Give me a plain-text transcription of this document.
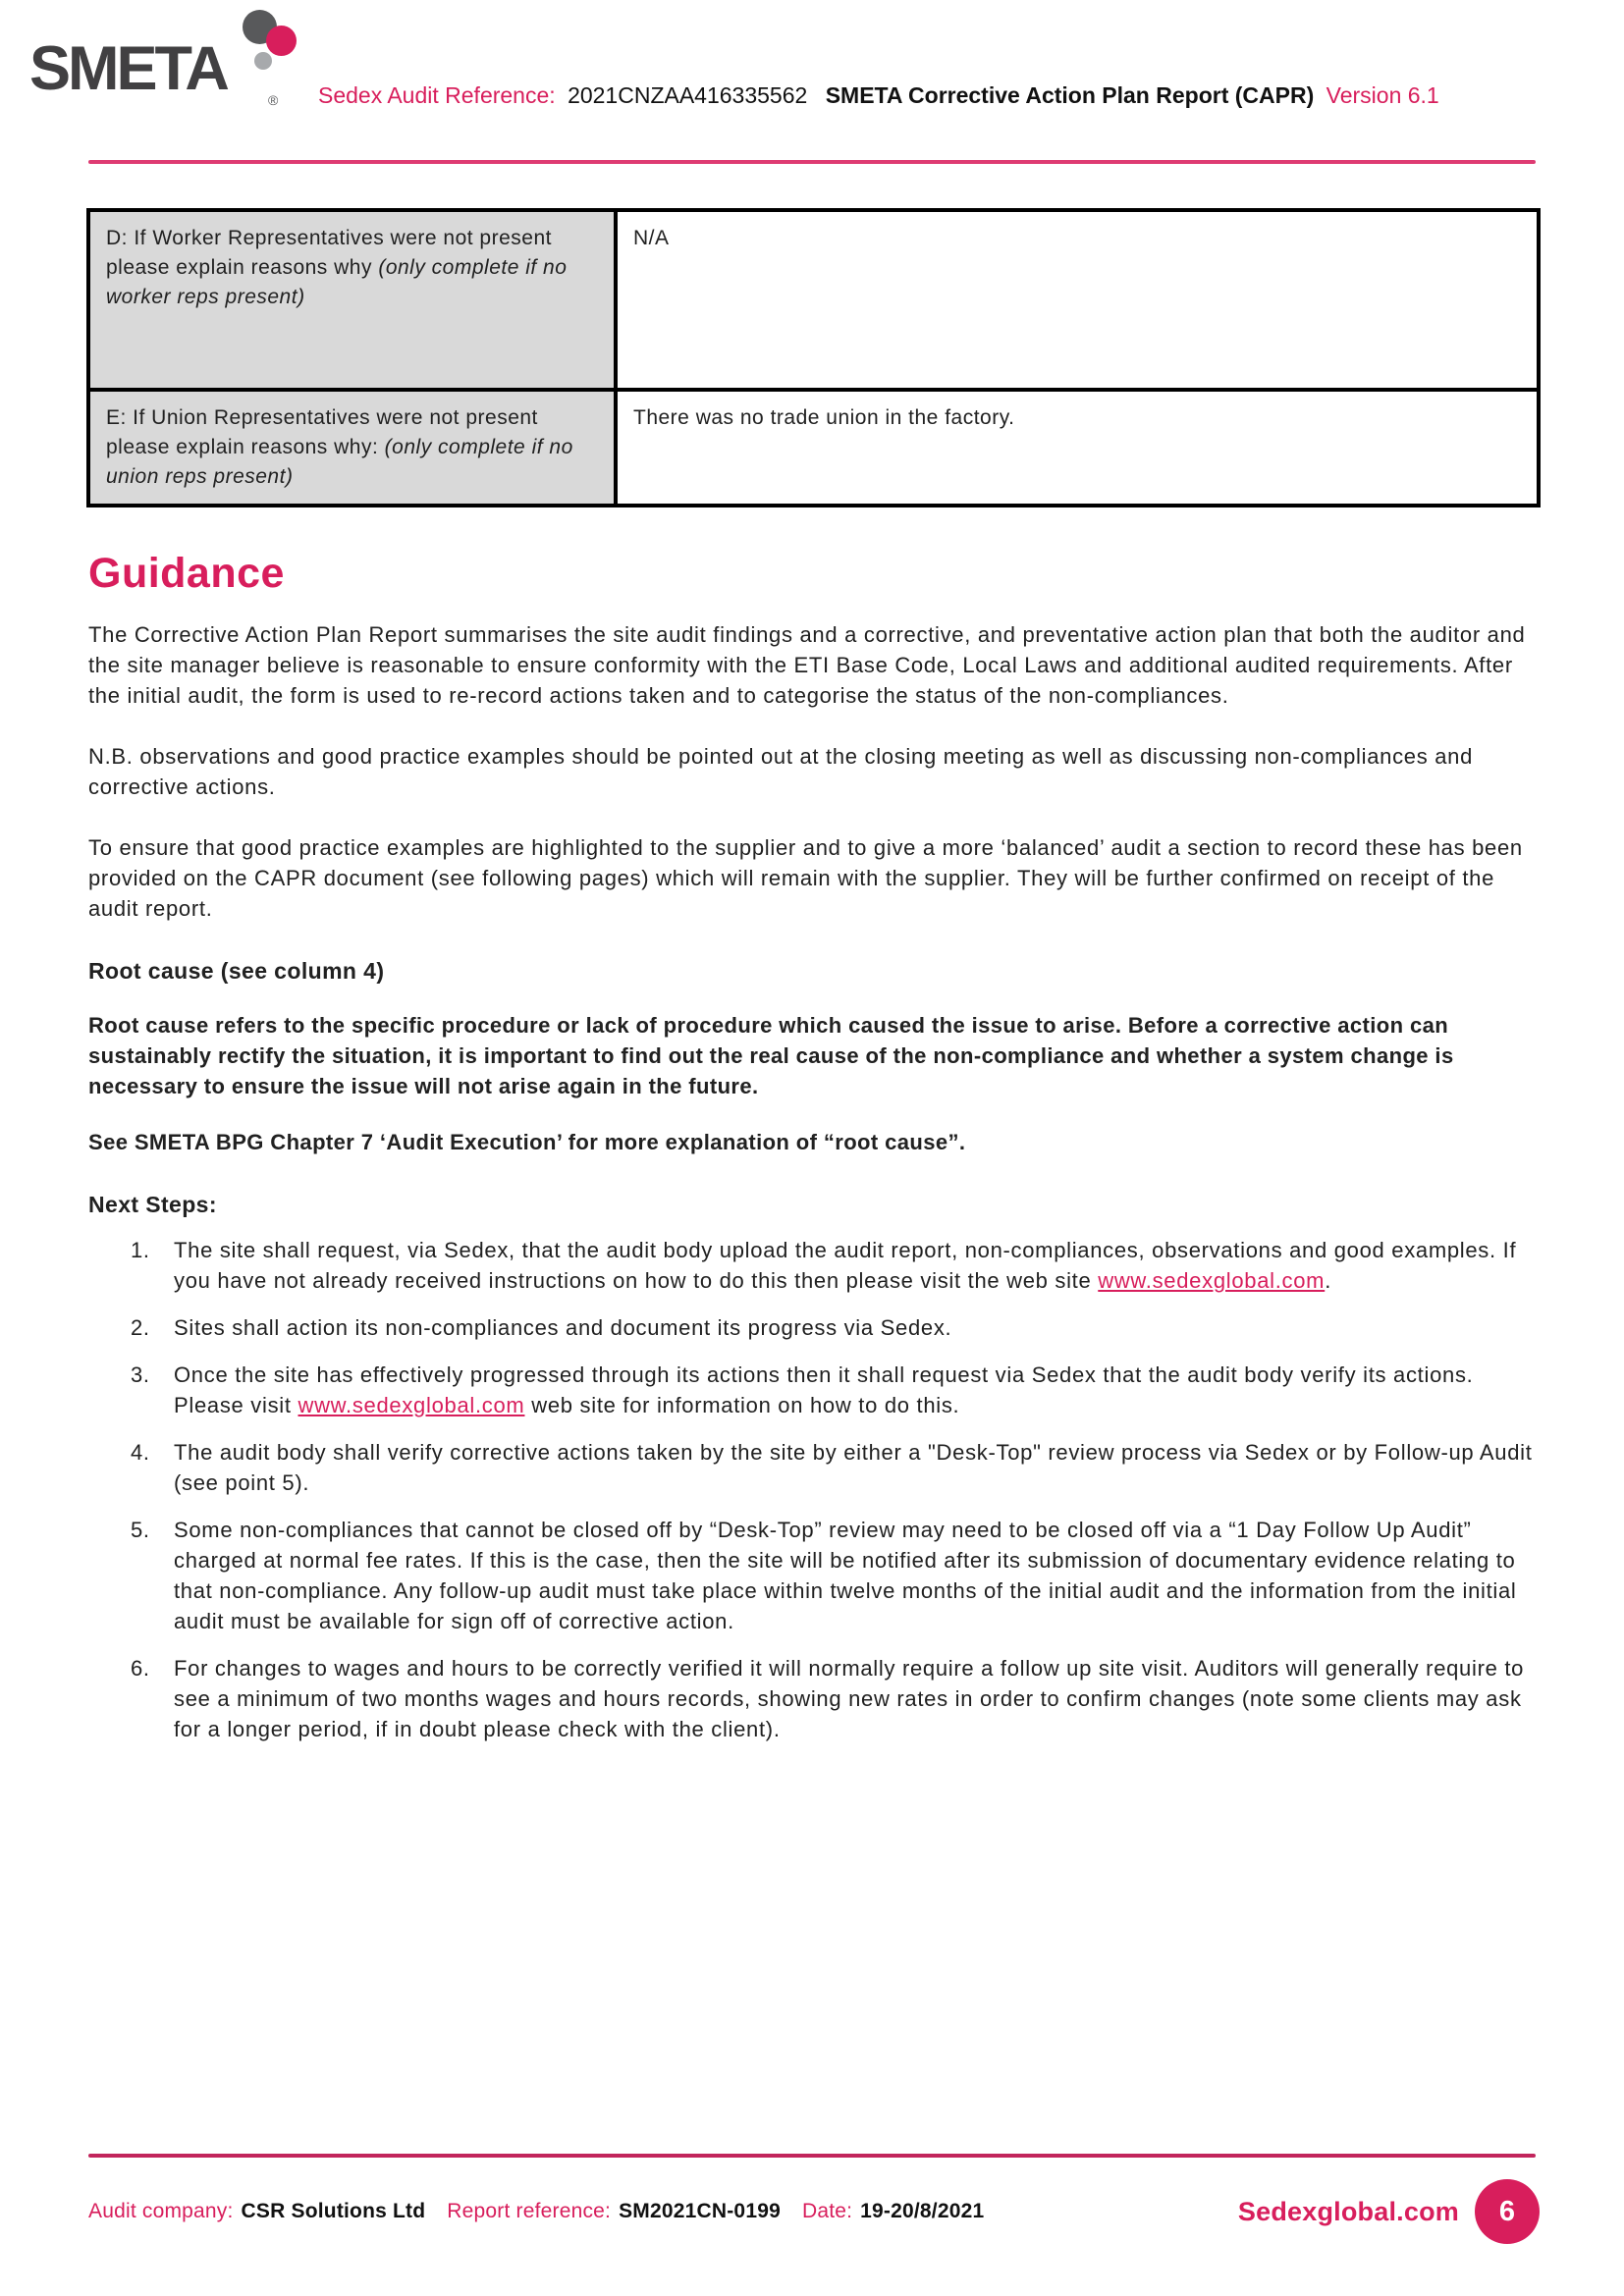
SMETA	® Sedex Audit Reference: 2021CNZAA416335562 SMETA Corrective Action Plan Report (CAPR) Version 6.1
D: If Worker Representatives were not present please explain reasons why (only complete if no worker reps present)	N/A
E: If Union Representatives were not present please explain reasons why: (only complete if no union reps present)	There was no trade union in the factory.
Guidance

The Corrective Action Plan Report summarises the site audit findings and a corrective, and preventative action plan that both the auditor and the site manager believe is reasonable to ensure conformity with the ETI Base Code, Local Laws and additional audited requirements. After the initial audit, the form is used to re-record actions taken and to categorise the status of the non-compliances.

N.B. observations and good practice examples should be pointed out at the closing meeting as well as discussing non-compliances and corrective actions.

To ensure that good practice examples are highlighted to the supplier and to give a more ‘balanced’ audit a section to record these has been provided on the CAPR document (see following pages) which will remain with the supplier. They will be further confirmed on receipt of the audit report.

Root cause (see column 4)

Root cause refers to the specific procedure or lack of procedure which caused the issue to arise. Before a corrective action can sustainably rectify the situation, it is important to find out the real cause of the non-compliance and whether a system change is necessary to ensure the issue will not arise again in the future.

See SMETA BPG Chapter 7 ‘Audit Execution’ for more explanation of “root cause”.

Next Steps:
1.	The site shall request, via Sedex, that the audit body upload the audit report, non-compliances, observations and good examples. If you have not already received instructions on how to do this then please visit the web site www.sedexglobal.com.
2.	Sites shall action its non-compliances and document its progress via Sedex.
3.	Once the site has effectively progressed through its actions then it shall request via Sedex that the audit body verify its actions. Please visit www.sedexglobal.com web site for information on how to do this.
4.	The audit body shall verify corrective actions taken by the site by either a "Desk-Top" review process via Sedex or by Follow-up Audit (see point 5).
5.	Some non-compliances that cannot be closed off by “Desk-Top” review may need to be closed off via a “1 Day Follow Up Audit” charged at normal fee rates. If this is the case, then the site will be notified after its submission of documentary evidence relating to that non-compliance. Any follow-up audit must take place within twelve months of the initial audit and the information from the initial audit must be available for sign off of corrective action.
6.	For changes to wages and hours to be correctly verified it will normally require a follow up site visit. Auditors will generally require to see a minimum of two months wages and hours records, showing new rates in order to confirm changes (note some clients may ask for a longer period, if in doubt please check with the client).
Audit company: CSR Solutions Ltd Report reference: SM2021CN-0199 Date: 19-20/8/2021	Sedexglobal.com	6
